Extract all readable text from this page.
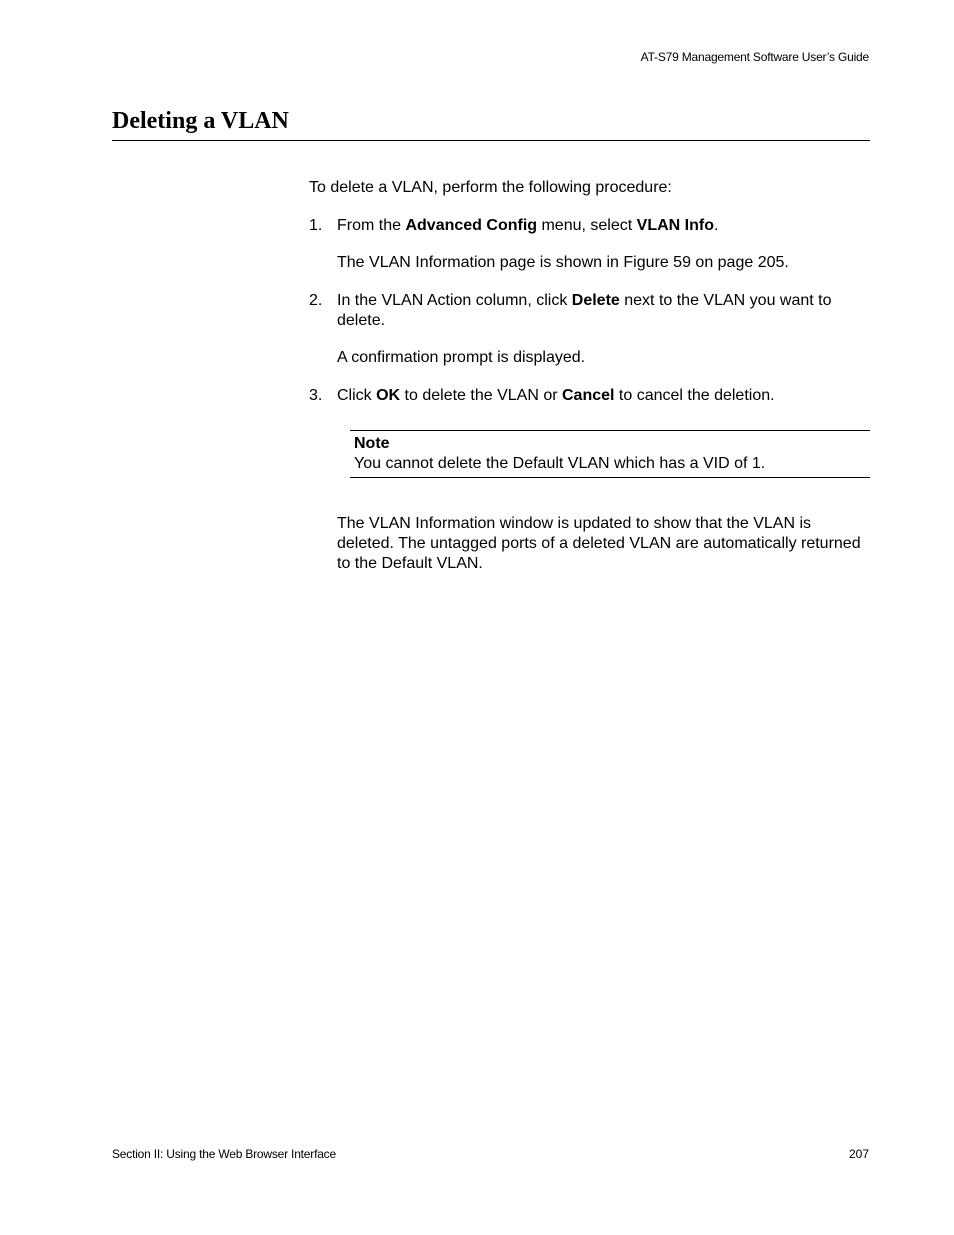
AT-S79 Management Software User’s Guide
Deleting a VLAN

To delete a VLAN, perform the following procedure:

1. From the Advanced Config menu, select VLAN Info.

The VLAN Information page is shown in Figure 59 on page 205.

2. In the VLAN Action column, click Delete next to the VLAN you want to delete.

A confirmation prompt is displayed.

3. Click OK to delete the VLAN or Cancel to cancel the deletion.

Note
You cannot delete the Default VLAN which has a VID of 1.

The VLAN Information window is updated to show that the VLAN is deleted. The untagged ports of a deleted VLAN are automatically returned to the Default VLAN.

Section II: Using the Web Browser Interface	207
